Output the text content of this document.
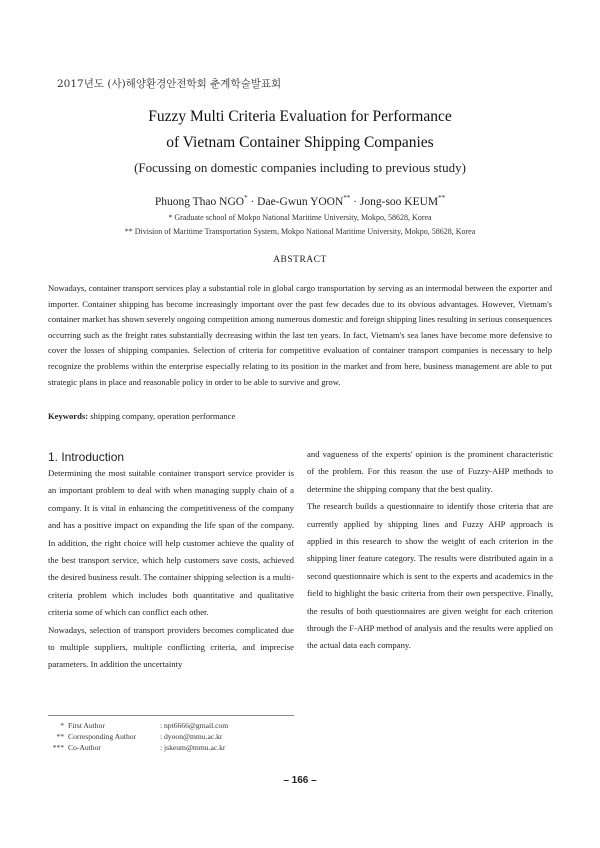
2017년도 (사)해양환경안전학회 춘계학술발표회
Fuzzy Multi Criteria Evaluation for Performance
of Vietnam Container Shipping Companies
(Focussing on domestic companies including to previous study)
Phuong Thao NGO* · Dae-Gwun YOON** · Jong-soo KEUM**
* Graduate school of Mokpo National Maritime University, Mokpo, 58628, Korea
** Division of Maritime Transportation System, Mokpo National Maritime University, Mokpo, 58628, Korea
ABSTRACT
Nowadays, container transport services play a substantial role in global cargo transportation by serving as an intermodal between the exporter and importer. Container shipping has become increasingly important over the past few decades due to its obvious advantages. However, Vietnam's container market has shown severely ongoing competition among numerous domestic and foreign shipping lines resulting in serious consequences occurring such as the freight rates substantially decreasing within the last ten years. In fact, Vietnam's sea lanes have become more defensive to cover the losses of shipping companies. Selection of criteria for competitive evaluation of container transport companies is necessary to help recognize the problems within the enterprise especially relating to its position in the market and from here, business management are able to put strategic plans in place and reasonable policy in order to be able to survive and grow.
Keywords: shipping company, operation performance
1. Introduction

Determining the most suitable container transport service provider is an important problem to deal with when managing supply chain of a company. It is vital in enhancing the competitiveness of the company and has a positive impact on expanding the life span of the company. In addition, the right choice will help customer achieve the quality of the best transport service, which help customers save costs, achieved the desired business result. The container shipping selection is a multi-criteria problem which includes both quantitative and qualitative criteria some of which can conflict each other.

Nowadays, selection of transport providers becomes complicated due to multiple suppliers, multiple conflicting criteria, and imprecise parameters. In addition the uncertainty

and vagueness of the experts' opinion is the prominent characteristic of the problem. For this reason the use of Fuzzy-AHP methods to determine the shipping company that the best quality.

The research builds a questionnaire to identify those criteria that are currently applied by shipping lines and Fuzzy AHP approach is applied in this research to show the weight of each criterion in the shipping liner feature category. The results were distributed again in a second questionnaire which is sent to the experts and academics in the field to highlight the basic criteria from their own perspective. Finally, the results of both questionnaires are given weight for each criterion through the F-AHP method of analysis and the results were applied on the actual data each company.

* First Author	: npt6666@gmail.com
** Corresponding Author	: dyoon@mmu.ac.kr
*** Co-Author	: jskeum@mmu.ac.kr
– 166 –
